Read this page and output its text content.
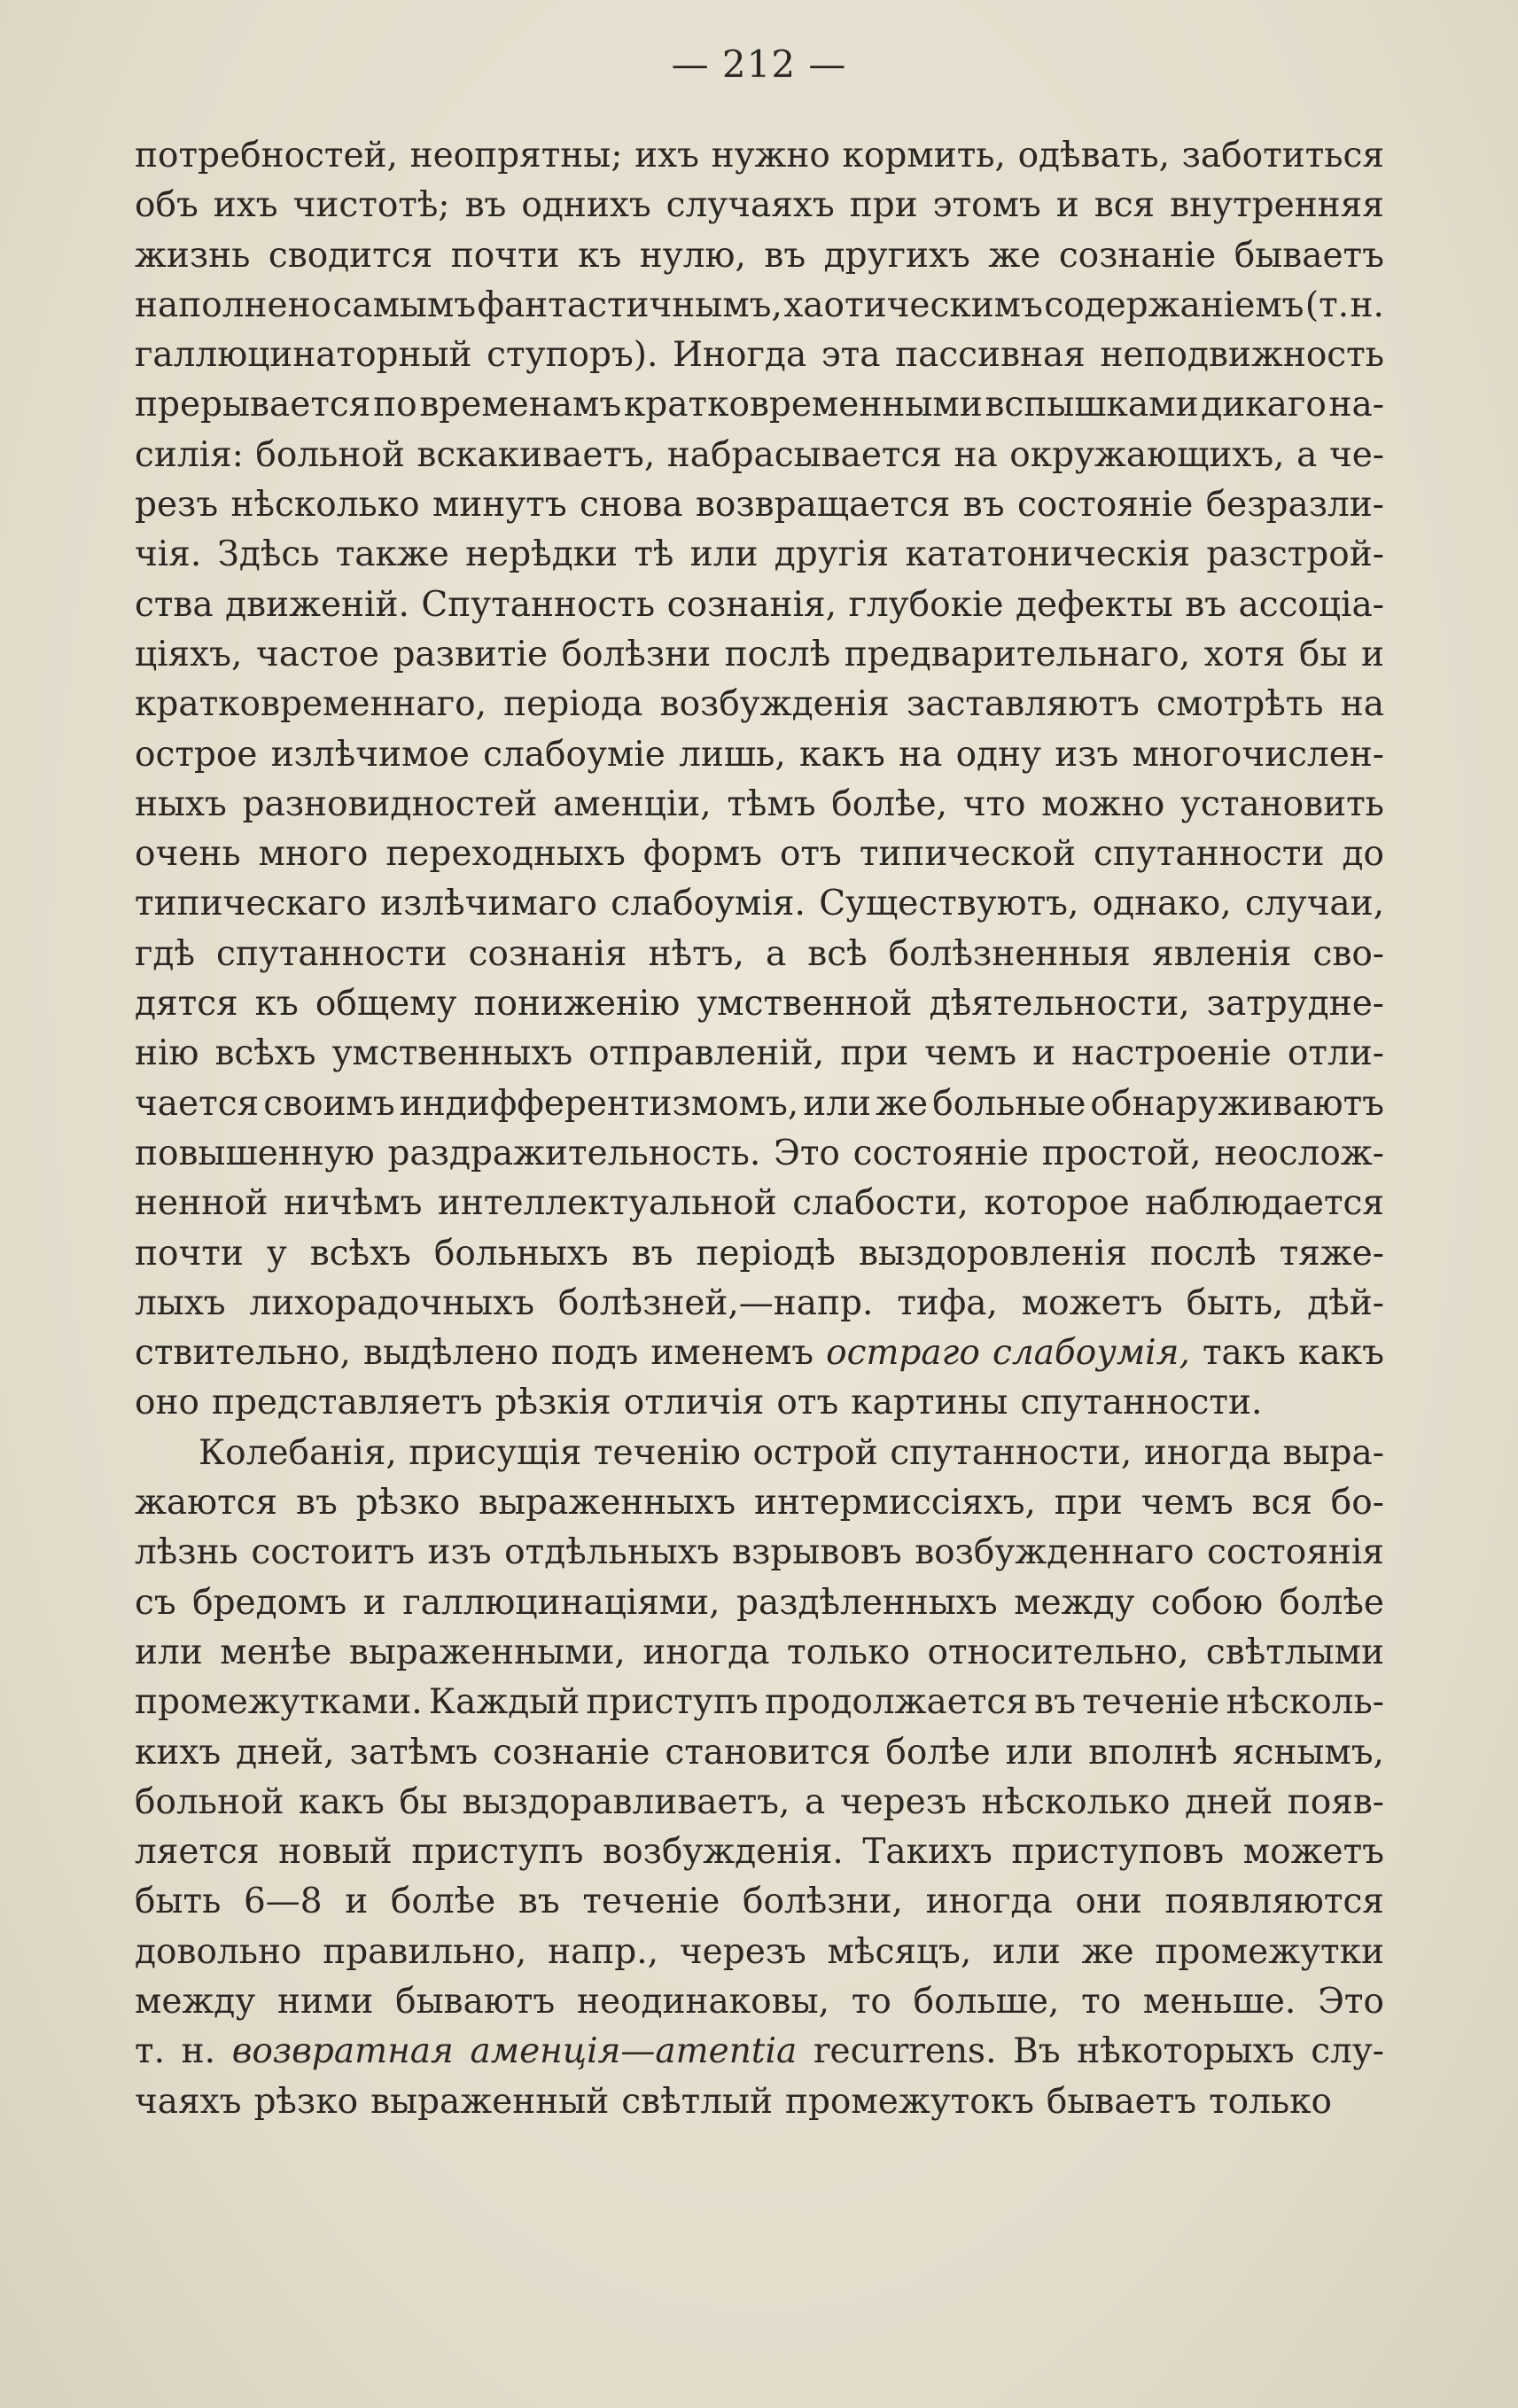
— 212 —
потребностей, неопрятны; ихъ нужно кормить, одѣвать, заботиться
объ ихъ чистотѣ; въ однихъ случаяхъ при этомъ и вся внутренняя
жизнь сводится почти къ нулю, въ другихъ же сознанiе бываетъ
наполнено самымъ фантастичнымъ, хаотическимъ содержанiемъ (т. н.
галлюцинаторный ступоръ). Иногда эта пассивная неподвижность
прерывается по временамъ кратковременными вспышками дикаго на-
силiя: больной вскакиваетъ, набрасывается на окружающихъ, а че-
резъ нѣсколько минутъ снова возвращается въ состоянiе безразли-
чiя. Здѣсь также нерѣдки тѣ или другiя кататоническiя разстрой-
ства движенiй. Спутанность сознанiя, глубокiе дефекты въ ассоцiа-
цiяхъ, частое развитiе болѣзни послѣ предварительнаго, хотя бы и
кратковременнаго, перiода возбужденiя заставляютъ смотрѣть на
острое излѣчимое слабоумiе лишь, какъ на одну изъ многочислен-
ныхъ разновидностей аменцiи, тѣмъ болѣе, что можно установить
очень много переходныхъ формъ отъ типической спутанности до
типическаго излѣчимаго слабоумiя. Существуютъ, однако, случаи,
гдѣ спутанности сознанiя нѣтъ, а всѣ болѣзненныя явленiя сво-
дятся къ общему пониженiю умственной дѣятельности, затрудне-
нiю всѣхъ умственныхъ отправленiй, при чемъ и настроенiе отли-
чается своимъ индифферентизмомъ, или же больные обнаруживаютъ
повышенную раздражительность. Это состоянiе простой, неослож-
ненной ничѣмъ интеллектуальной слабости, которое наблюдается
почти у всѣхъ больныхъ въ перiодѣ выздоровленiя послѣ тяже-
лыхъ лихорадочныхъ болѣзней,—напр. тифа, можетъ быть, дѣй-
ствительно, выдѣлено подъ именемъ остраго слабоумiя, такъ какъ
оно представляетъ рѣзкiя отличiя отъ картины спутанности.
Колебанiя, присущiя теченiю острой спутанности, иногда выра-
жаются въ рѣзко выраженныхъ интермиссiяхъ, при чемъ вся бо-
лѣзнь состоитъ изъ отдѣльныхъ взрывовъ возбужденнаго состоянiя
съ бредомъ и галлюцинацiями, раздѣленныхъ между собою болѣе
или менѣе выраженными, иногда только относительно, свѣтлыми
промежутками. Каждый приступъ продолжается въ теченiе нѣсколь-
кихъ дней, затѣмъ сознанiе становится болѣе или вполнѣ яснымъ,
больной какъ бы выздоравливаетъ, а черезъ нѣсколько дней появ-
ляется новый приступъ возбужденiя. Такихъ приступовъ можетъ
быть 6—8 и болѣе въ теченiе болѣзни, иногда они появляются
довольно правильно, напр., черезъ мѣсяцъ, или же промежутки
между ними бываютъ неодинаковы, то больше, то меньше. Это
т. н. возвратная аменцiя—amentia recurrens. Въ нѣкоторыхъ слу-
чаяхъ рѣзко выраженный свѣтлый промежутокъ бываетъ только
